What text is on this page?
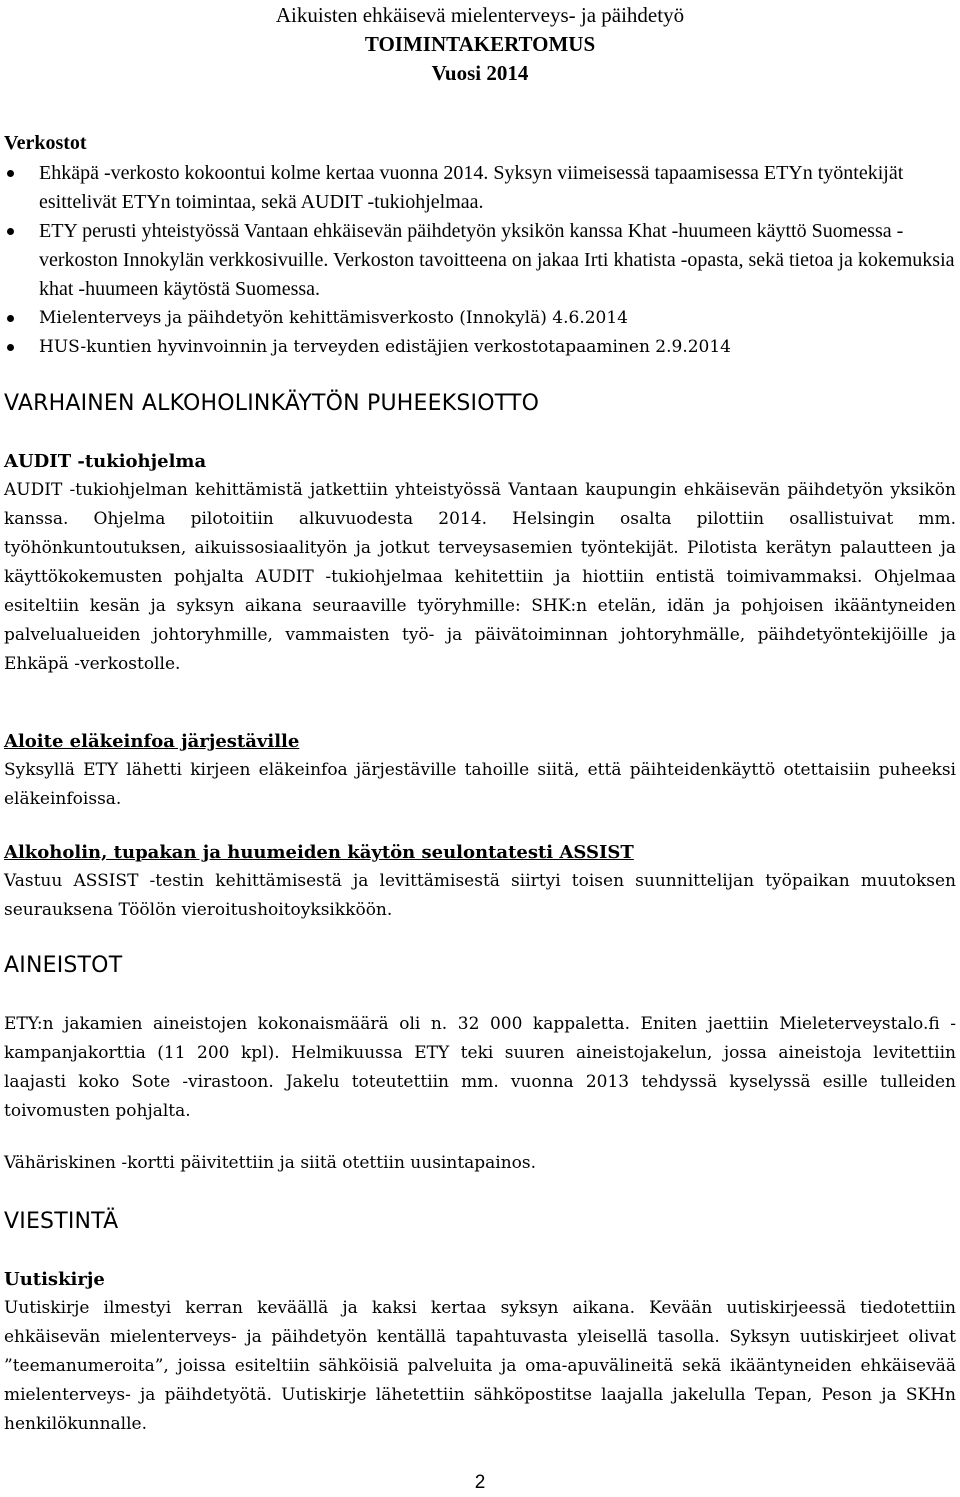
Aikuisten ehkäisevä mielenterveys- ja päihdetyö
TOIMINTAKERTOMUS
Vuosi 2014
Verkostot
Ehkäpä -verkosto kokoontui kolme kertaa vuonna 2014. Syksyn viimeisessä tapaamisessa ETYn työntekijät esittelivät ETYn toimintaa, sekä AUDIT -tukiohjelmaa.
ETY perusti yhteistyössä Vantaan ehkäisevän päihdetyön yksikön kanssa Khat -huumeen käyttö Suomessa -verkoston Innokylän verkkosivuille. Verkoston tavoitteena on jakaa Irti khatista -opasta, sekä tietoa ja kokemuksia khat -huumeen käytöstä Suomessa.
Mielenterveys ja päihdetyön kehittämisverkosto (Innokylä) 4.6.2014
HUS-kuntien hyvinvoinnin ja terveyden edistäjien verkostotapaaminen 2.9.2014
VARHAINEN ALKOHOLINKÄYTÖN PUHEEKSIOTTO
AUDIT -tukiohjelma
AUDIT -tukiohjelman kehittämistä jatkettiin yhteistyössä Vantaan kaupungin ehkäisevän päihdetyön yksikön kanssa. Ohjelma pilotoitiin alkuvuodesta 2014. Helsingin osalta pilottiin osallistuivat mm. työhönkuntoutuksen, aikuissosiaalityön ja jotkut terveysasemien työntekijät. Pilotista kerätyn palautteen ja käyttökokemusten pohjalta AUDIT -tukiohjelmaa kehitettiin ja hiottiin entistä toimivammaksi. Ohjelmaa esiteltiin kesän ja syksyn aikana seuraaville työryhmille: SHK:n etelän, idän ja pohjoisen ikääntyneiden palvelualueiden johtoryhmille, vammaisten työ- ja päivätoiminnan johtoryhmälle, päihdetyöntekijöille ja Ehkäpä -verkostolle.
Aloite eläkeinfoa järjestäville
Syksyllä ETY lähetti kirjeen eläkeinfoa järjestäville tahoille siitä, että päihteidenkäyttö otettaisiin puheeksi eläkeinfoissa.
Alkoholin, tupakan ja huumeiden käytön seulontatesti ASSIST
Vastuu ASSIST -testin kehittämisestä ja levittämisestä siirtyi toisen suunnittelijan työpaikan muutoksen seurauksena Töölön vieroitushoitoyksikköön.
AINEISTOT
ETY:n jakamien aineistojen kokonaismäärä oli n. 32 000 kappaletta. Eniten jaettiin Mieleterveystalo.fi -kampanjakorttia (11 200 kpl). Helmikuussa ETY teki suuren aineistojakelun, jossa aineistoja levitettiin laajasti koko Sote -virastoon. Jakelu toteutettiin mm. vuonna 2013 tehdyssä kyselyssä esille tulleiden toivomusten pohjalta.
Vähäriskinen -kortti päivitettiin ja siitä otettiin uusintapainos.
VIESTINTÄ
Uutiskirje
Uutiskirje ilmestyi kerran keväällä ja kaksi kertaa syksyn aikana. Kevään uutiskirjeessä tiedotettiin ehkäisevän mielenterveys- ja päihdetyön kentällä tapahtuvasta yleisellä tasolla. Syksyn uutiskirjeet olivat ”teemanumeroita”, joissa esiteltiin sähköisiä palveluita ja oma-apuvälineitä sekä ikääntyneiden ehkäisevää mielenterveys- ja päihdetyötä. Uutiskirje lähetettiin sähköpostitse laajalla jakelulla Tepan, Peson ja SKHn henkilökunnalle.
2
